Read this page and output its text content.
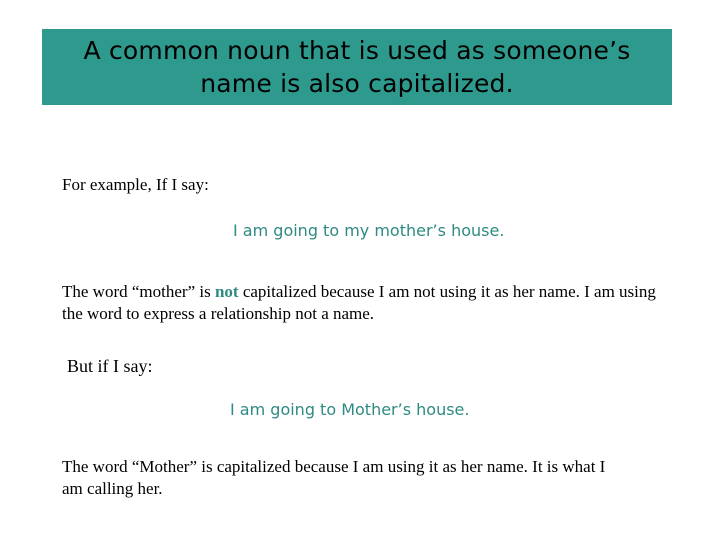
A common noun that is used as someone’s name is also capitalized.
For example, If I say:
I am going to my mother’s house.
The word “mother” is not capitalized because I am not using it as her name. I am using the word to express a relationship not a name.
But if I say:
I am going to Mother’s house.
The word “Mother” is capitalized because I am using it as her name. It is what I am calling her.
